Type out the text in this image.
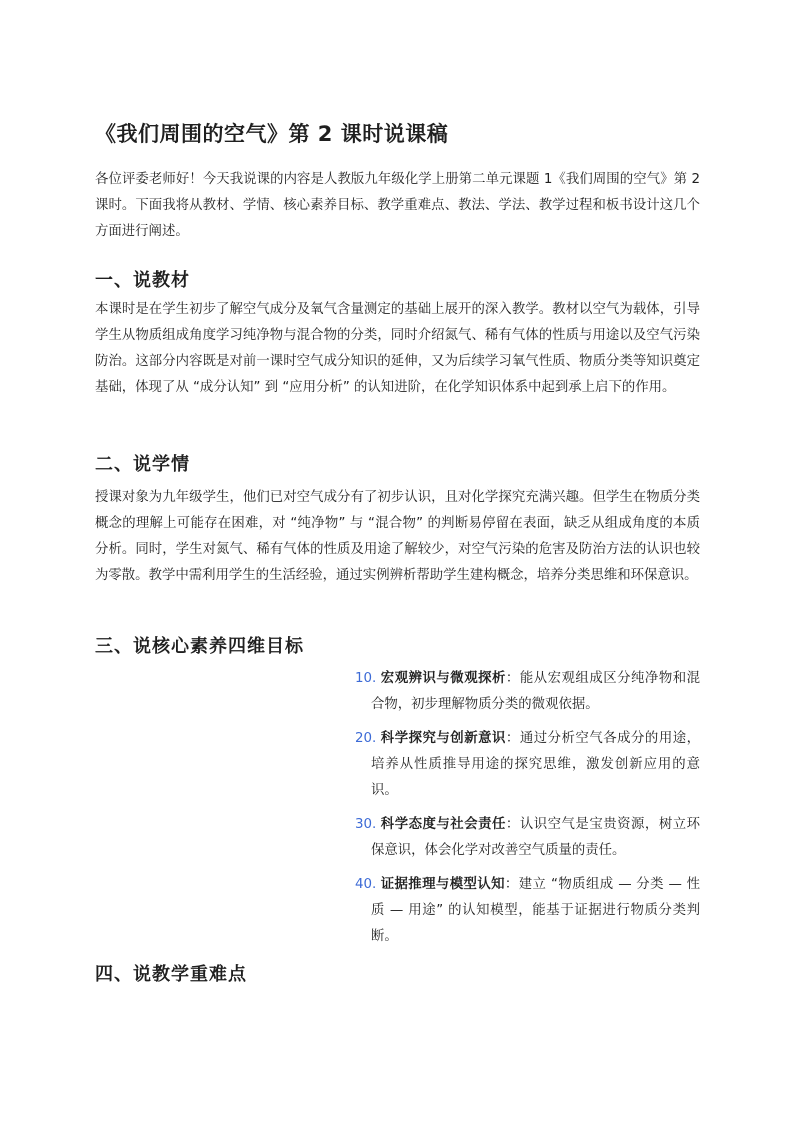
《我们周围的空气》第 2 课时说课稿

各位评委老师好！今天我说课的内容是人教版九年级化学上册第二单元课题 1《我们周围的空气》第 2 课时。下面我将从教材、学情、核心素养目标、教学重难点、教法、学法、教学过程和板书设计这几个方面进行阐述。

一、说教材

本课时是在学生初步了解空气成分及氧气含量测定的基础上展开的深入教学。教材以空气为载体，引导学生从物质组成角度学习纯净物与混合物的分类，同时介绍氮气、稀有气体的性质与用途以及空气污染防治。这部分内容既是对前一课时空气成分知识的延伸，又为后续学习氧气性质、物质分类等知识奠定基础，体现了从 “成分认知” 到 “应用分析” 的认知进阶，在化学知识体系中起到承上启下的作用。

二、说学情

授课对象为九年级学生，他们已对空气成分有了初步认识，且对化学探究充满兴趣。但学生在物质分类概念的理解上可能存在困难，对 “纯净物” 与 “混合物” 的判断易停留在表面，缺乏从组成角度的本质分析。同时，学生对氮气、稀有气体的性质及用途了解较少，对空气污染的危害及防治方法的认识也较为零散。教学中需利用学生的生活经验，通过实例辨析帮助学生建构概念，培养分类思维和环保意识。

三、说核心素养四维目标
10. 宏观辨识与微观探析：能从宏观组成区分纯净物和混合物，初步理解物质分类的微观依据。
20. 科学探究与创新意识：通过分析空气各成分的用途，培养从性质推导用途的探究思维，激发创新应用的意识。
30. 科学态度与社会责任：认识空气是宝贵资源，树立环保意识，体会化学对改善空气质量的责任。
40. 证据推理与模型认知：建立 “物质组成 — 分类 — 性质 — 用途” 的认知模型，能基于证据进行物质分类判断。
四、说教学重难点
